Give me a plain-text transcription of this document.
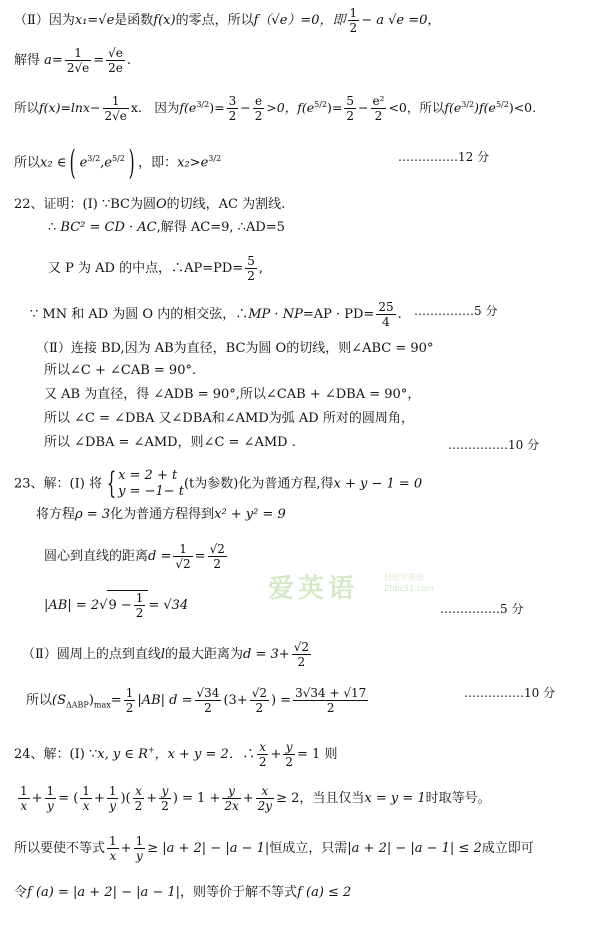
（Ⅱ）因为x₁=√e是函数f(x)的零点，所以f（√e）=0，即 $\frac{1}{2} - a$ √e =0，
解得 $a= \frac{1}{2√e} = \frac{√e}{2e}$ .
所以$f(x)=\ln x- \frac{1}{2√e}$ x． 因为$f(e^{3/2})= \frac{3}{2} - \frac{e}{2} >0$，$f(e^{5/2})= \frac{5}{2} - \frac{\text{e²}}{2} <0$，所以$f(e^{3/2})f(e^{5/2})<0$.
所以x₂ ∈ ( $e^{3/2},e^{5/2}$ ) ，即：$x_2>e^{3/2}$	……………12 分
22、证明：(Ⅰ) ∵BC为圆O的切线，AC 为割线.
∴ BC² = CD · AC,解得 AC=9, ∴AD=5
又 P 为 AD 的中点，∴AP=PD= $\frac{5}{2}$ ,
∵ MN 和 AD 为圆 O 内的相交弦，∴MP · $NP=AP \cdot PD= \frac{25}{4}$ . ……………5 分
（Ⅱ）连接 BD,因为 AB为直径，BC为圆 O的切线，则∠ABC = 90°
所以∠C + ∠CAB = 90°.
又 AB 为直径，得 ∠ADB = 90°,所以∠CAB + ∠DBA = 90°，
所以 ∠C = ∠DBA 又∠DBA和∠AMD为弧 AD 所对的圆周角，
所以 ∠DBA = ∠AMD，则∠C = ∠AMD .	……………10 分
23、解：(Ⅰ) 将 { x = 2 + t
y = −1− t (t为参数)化为普通方程,得x + y − 1 = 0
将方程ρ = 3化为普通方程得到x² + y² = 9
圆心到直线的距离$d = \frac{1}{√2} = \frac{√2}{2}$
$|AB| = 2√9 - \frac{1}{2} = √34$	……………5 分
（Ⅱ）圆周上的点到直线l的最大距离为$d = 3+ \frac{√2}{2}$
所以$(S_{\Delta ABP})_{max}= \frac{1}{2} |AB|$ $d = \frac{√34}{2} (3+ \frac{√2}{2}$ ) = $\frac{3√34 + √17}{2}$	……………10 分
24、解：(Ⅰ) ∵x, y ∈ R+，x + y = 2．∴ $\frac{x}{2} + \frac{y}{2} = 1$ 则
$\frac{1}{x} + \frac{1}{y}$ = ( $\frac{1}{x} + \frac{1}{y}$ )( $\frac{x}{2} + \frac{y}{2}$ ) = $1 + \frac{y}{2x} + \frac{x}{2y} \ge 2$，当且仅当x = y = 1时取等号。
所以要使不等式 $\frac{1}{x} + \frac{1}{y} \ge |a + 2| - |a - 1|$恒成立，只需|a + 2| − |a − 1| ≤ 2成立即可
令f (a) = |a + 2| − |a − 1|，则等价于解不等式f (a) ≤ 2
爱英语	轻松学英语
Zhbc51.com
